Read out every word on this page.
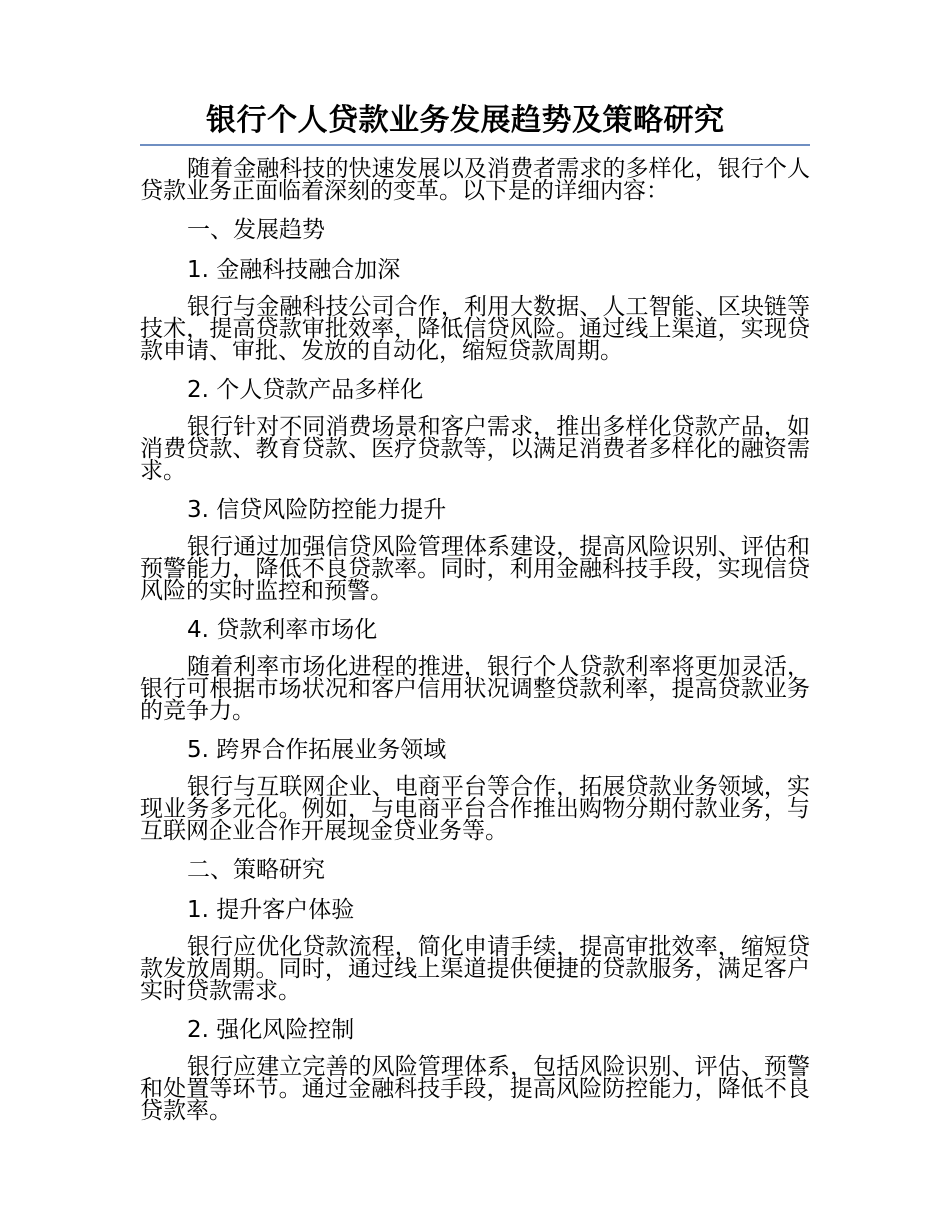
银行个人贷款业务发展趋势及策略研究

随着金融科技的快速发展以及消费者需求的多样化，银行个人贷款业务正面临着深刻的变革。以下是的详细内容：

一、发展趋势
1. 金融科技融合加深

银行与金融科技公司合作，利用大数据、人工智能、区块链等技术，提高贷款审批效率，降低信贷风险。通过线上渠道，实现贷款申请、审批、发放的自动化，缩短贷款周期。

2. 个人贷款产品多样化

银行针对不同消费场景和客户需求，推出多样化贷款产品，如消费贷款、教育贷款、医疗贷款等，以满足消费者多样化的融资需求。

3. 信贷风险防控能力提升

银行通过加强信贷风险管理体系建设，提高风险识别、评估和预警能力，降低不良贷款率。同时，利用金融科技手段，实现信贷风险的实时监控和预警。

4. 贷款利率市场化

随着利率市场化进程的推进，银行个人贷款利率将更加灵活，银行可根据市场状况和客户信用状况调整贷款利率，提高贷款业务的竞争力。

5. 跨界合作拓展业务领域

银行与互联网企业、电商平台等合作，拓展贷款业务领域，实现业务多元化。例如，与电商平台合作推出购物分期付款业务，与互联网企业合作开展现金贷业务等。

二、策略研究
1. 提升客户体验

银行应优化贷款流程，简化申请手续，提高审批效率，缩短贷款发放周期。同时，通过线上渠道提供便捷的贷款服务，满足客户实时贷款需求。

2. 强化风险控制

银行应建立完善的风险管理体系，包括风险识别、评估、预警和处置等环节。通过金融科技手段，提高风险防控能力，降低不良贷款率。
